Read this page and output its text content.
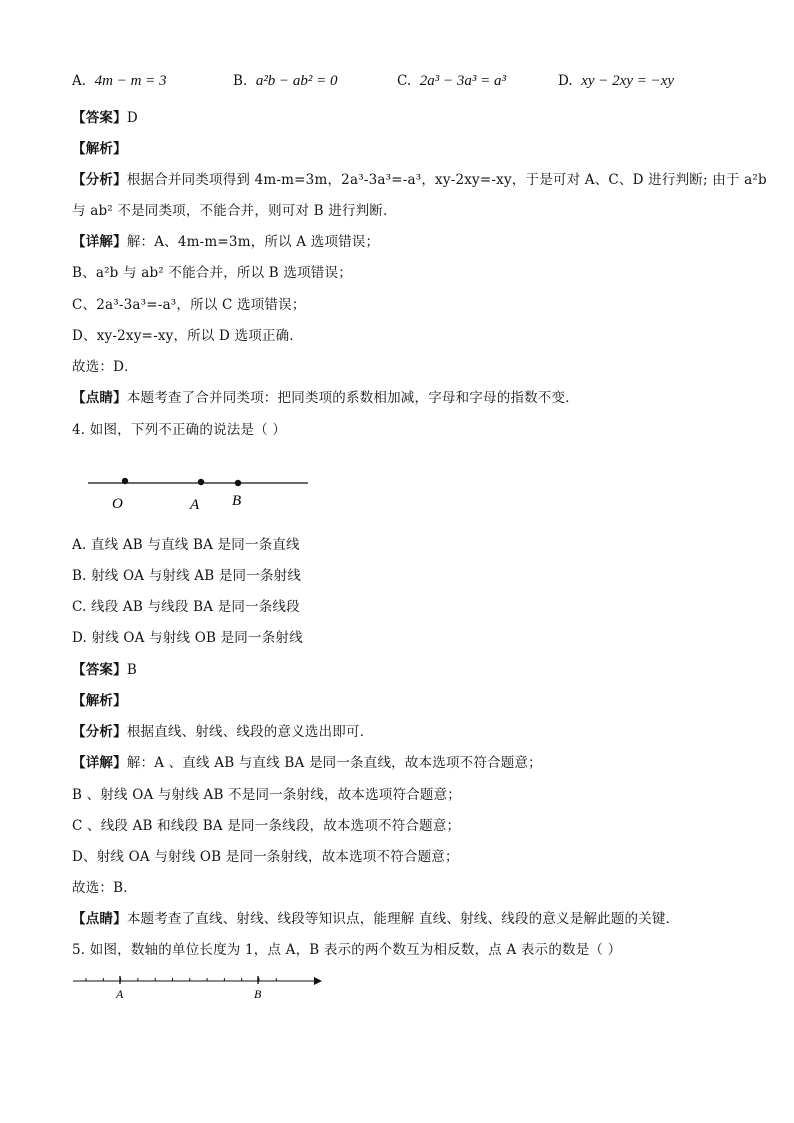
A. 4m − m = 3	B. a²b − ab² = 0	C. 2a³ − 3a³ = a³	D. xy − 2xy = −xy
【答案】D
【解析】
【分析】根据合并同类项得到 4m-m=3m，2a³-3a³=-a³，xy-2xy=-xy，于是可对 A、C、D 进行判断; 由于 a²b
与 ab² 不是同类项，不能合并，则可对 B 进行判断．
【详解】解：A、4m-m=3m，所以 A 选项错误；
B、a²b 与 ab² 不能合并，所以 B 选项错误；
C、2a³-3a³=-a³，所以 C 选项错误；
D、xy-2xy=-xy，所以 D 选项正确．
故选：D．
【点睛】本题考查了合并同类项：把同类项的系数相加减，字母和字母的指数不变．
4. 如图，下列不正确的说法是（ ）
O	A B
A. 直线 AB 与直线 BA 是同一条直线
B. 射线 OA 与射线 AB 是同一条射线
C. 线段 AB 与线段 BA 是同一条线段
D. 射线 OA 与射线 OB 是同一条射线
【答案】B
【解析】
【分析】根据直线、射线、线段的意义选出即可．
【详解】解：A 、直线 AB 与直线 BA 是同一条直线，故本选项不符合题意；
B 、射线 OA 与射线 AB 不是同一条射线，故本选项符合题意；
C 、线段 AB 和线段 BA 是同一条线段，故本选项不符合题意；
D、射线 OA 与射线 OB 是同一条射线，故本选项不符合题意；
故选：B．
【点睛】本题考查了直线、射线、线段等知识点，能理解 直线、射线、线段的意义是解此题的关键．
5. 如图，数轴的单位长度为 1，点 A，B 表示的两个数互为相反数，点 A 表示的数是（ ）
A	B
